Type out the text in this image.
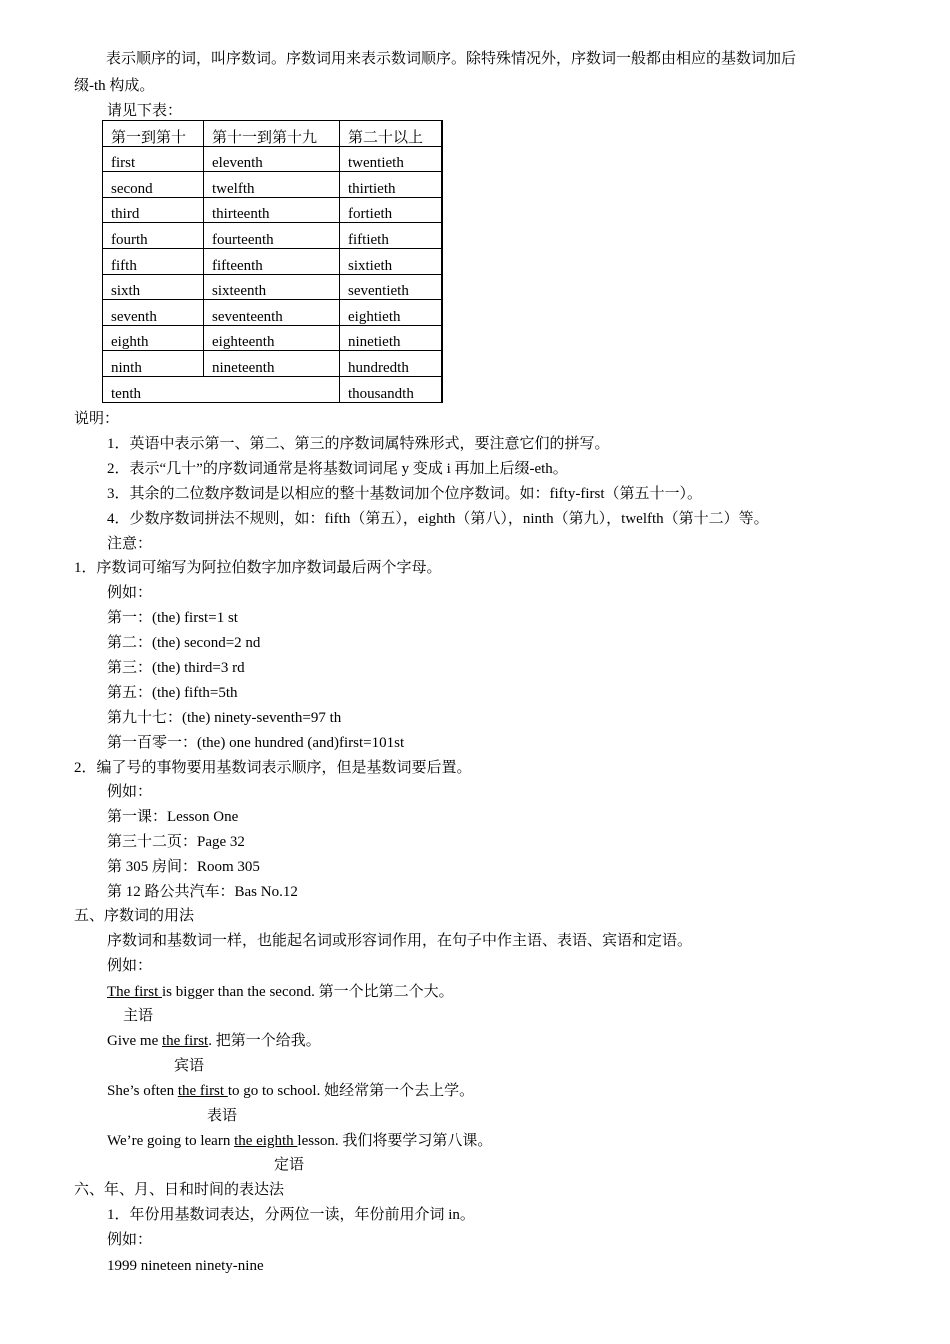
表示顺序的词，叫序数词。序数词用来表示数词顺序。除特殊情况外，序数词一般都由相应的基数词加后

缀-th 构成。
请见下表：
第一到第十	第十一到第十九	第二十以上
first	eleventh	twentieth
second	twelfth	thirtieth
third	thirteenth	fortieth
fourth	fourteenth	fiftieth
fifth	fifteenth	sixtieth
sixth	sixteenth	seventieth
seventh	seventeenth	eightieth
eighth	eighteenth	ninetieth
ninth	nineteenth	hundredth
tenth		thousandth
说明：
1．英语中表示第一、第二、第三的序数词属特殊形式，要注意它们的拼写。
2．表示“几十”的序数词通常是将基数词词尾 y 变成 i 再加上后缀-eth。
3．其余的二位数序数词是以相应的整十基数词加个位序数词。如：fifty-first（第五十一）。
4．少数序数词拼法不规则，如：fifth（第五），eighth（第八），ninth（第九），twelfth（第十二）等。
注意：
1．序数词可缩写为阿拉伯数字加序数词最后两个字母。
例如：
第一：(the) first=1 st
第二：(the) second=2 nd
第三：(the) third=3 rd
第五：(the) fifth=5th
第九十七：(the) ninety-seventh=97 th
第一百零一：(the) one hundred (and)first=101st
2．编了号的事物要用基数词表示顺序，但是基数词要后置。
例如：
第一课：Lesson One
第三十二页：Page 32
第 305 房间：Room 305
第 12 路公共汽车：Bas No.12
五、序数词的用法
序数词和基数词一样，也能起名词或形容词作用，在句子中作主语、表语、宾语和定语。
例如：
The first is bigger than the second. 第一个比第二个大。
主语
Give me the first. 把第一个给我。
宾语
She’s often the first to go to school. 她经常第一个去上学。
表语
We’re going to learn the eighth lesson. 我们将要学习第八课。
定语
六、年、月、日和时间的表达法
1．年份用基数词表达，分两位一读，年份前用介词 in。
例如：
1999 nineteen ninety-nine
